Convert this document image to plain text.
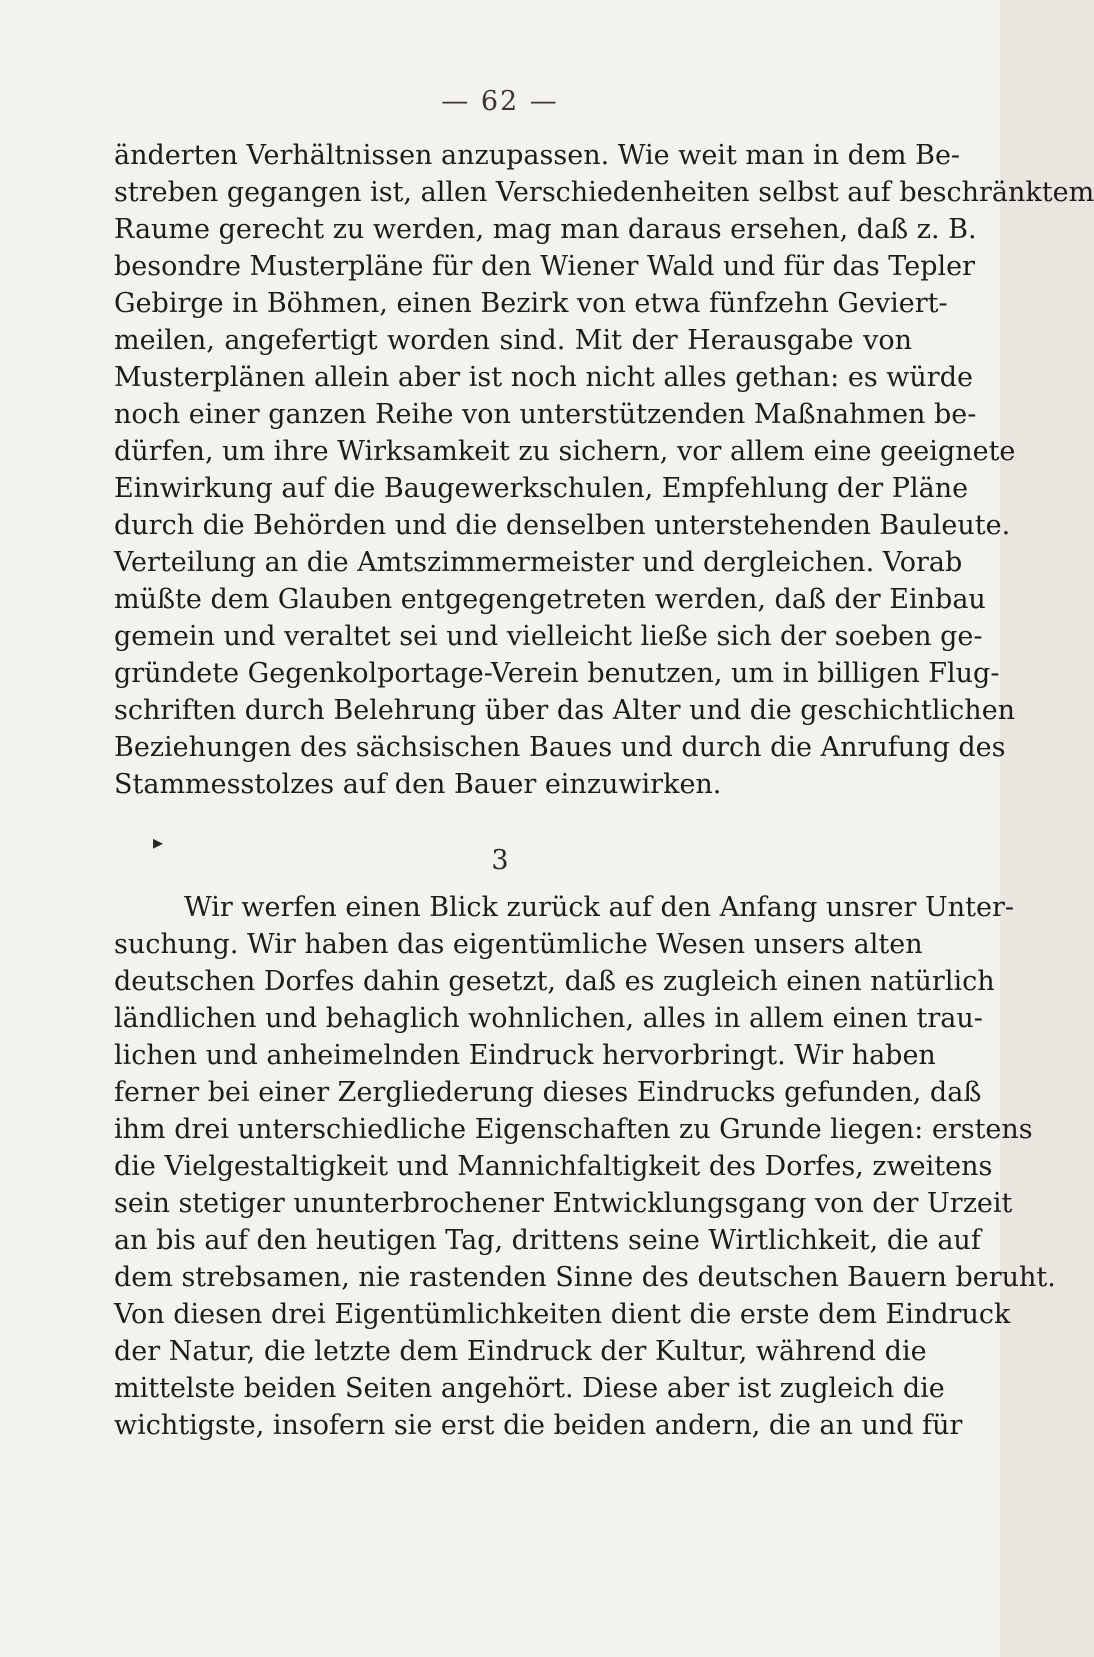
— 62 —
änderten Verhältnissen anzupassen. Wie weit man in dem Be-
streben gegangen ist, allen Verschiedenheiten selbst auf beschränktem
Raume gerecht zu werden, mag man daraus ersehen, daß z. B.
besondre Musterpläne für den Wiener Wald und für das Tepler
Gebirge in Böhmen, einen Bezirk von etwa fünfzehn Geviert-
meilen, angefertigt worden sind. Mit der Herausgabe von
Musterplänen allein aber ist noch nicht alles gethan: es würde
noch einer ganzen Reihe von unterstützenden Maßnahmen be-
dürfen, um ihre Wirksamkeit zu sichern, vor allem eine geeignete
Einwirkung auf die Baugewerkschulen, Empfehlung der Pläne
durch die Behörden und die denselben unterstehenden Bauleute.
Verteilung an die Amtszimmermeister und dergleichen. Vorab
müßte dem Glauben entgegengetreten werden, daß der Einbau
gemein und veraltet sei und vielleicht ließe sich der soeben ge-
gründete Gegenkolportage-Verein benutzen, um in billigen Flug-
schriften durch Belehrung über das Alter und die geschichtlichen
Beziehungen des sächsischen Baues und durch die Anrufung des
Stammesstolzes auf den Bauer einzuwirken.
▸
3
Wir werfen einen Blick zurück auf den Anfang unsrer Unter-
suchung. Wir haben das eigentümliche Wesen unsers alten
deutschen Dorfes dahin gesetzt, daß es zugleich einen natürlich
ländlichen und behaglich wohnlichen, alles in allem einen trau-
lichen und anheimelnden Eindruck hervorbringt. Wir haben
ferner bei einer Zergliederung dieses Eindrucks gefunden, daß
ihm drei unterschiedliche Eigenschaften zu Grunde liegen: erstens
die Vielgestaltigkeit und Mannichfaltigkeit des Dorfes, zweitens
sein stetiger ununterbrochener Entwicklungsgang von der Urzeit
an bis auf den heutigen Tag, drittens seine Wirtlichkeit, die auf
dem strebsamen, nie rastenden Sinne des deutschen Bauern beruht.
Von diesen drei Eigentümlichkeiten dient die erste dem Eindruck
der Natur, die letzte dem Eindruck der Kultur, während die
mittelste beiden Seiten angehört. Diese aber ist zugleich die
wichtigste, insofern sie erst die beiden andern, die an und für
